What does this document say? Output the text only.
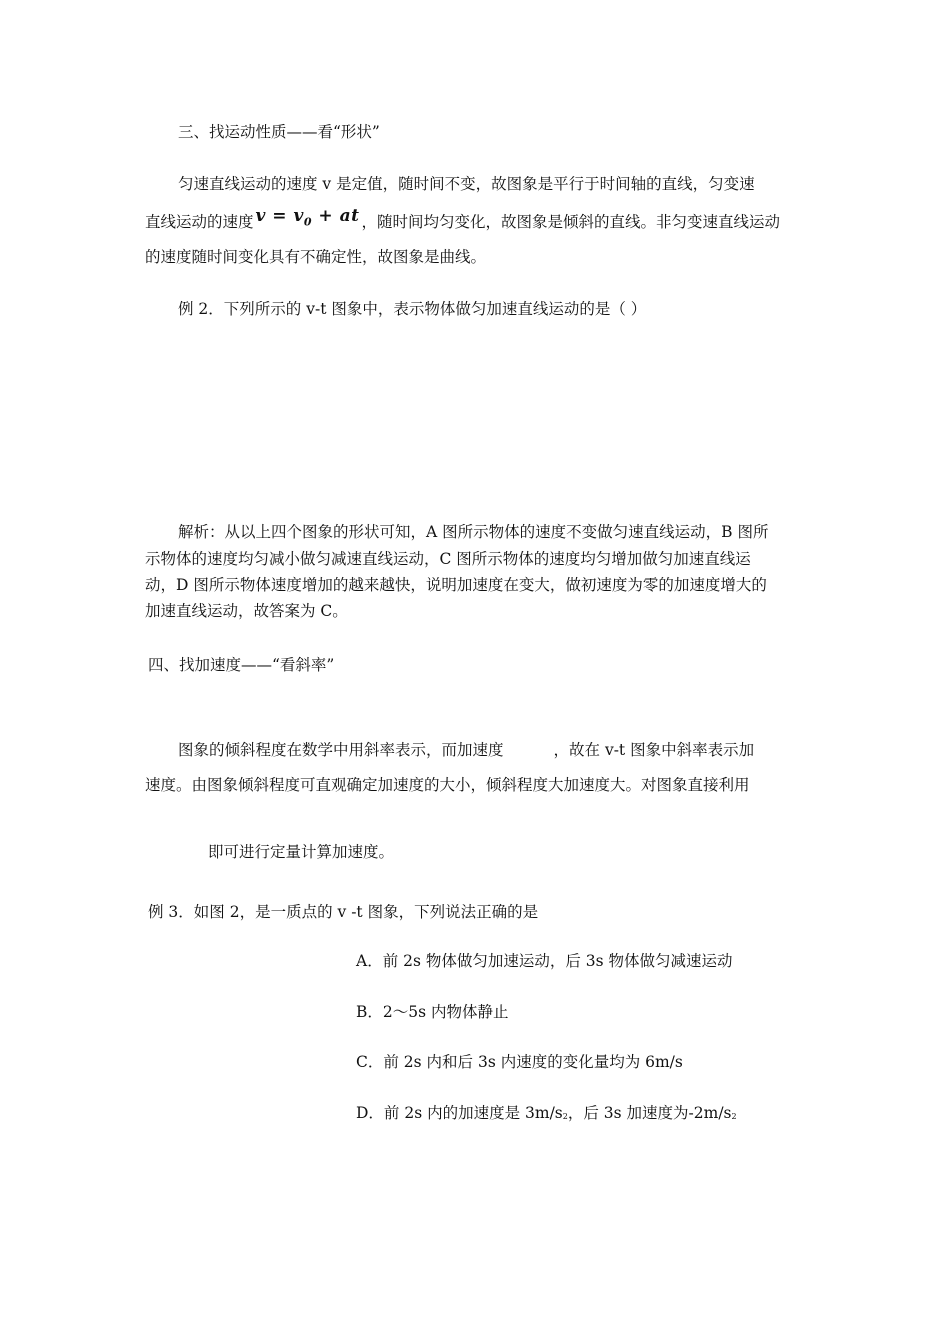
三、找运动性质——看“形状”
匀速直线运动的速度 v 是定值，随时间不变，故图象是平行于时间轴的直线，匀变速
直线运动的速度 $v = v_0$ + at ，随时间均匀变化，故图象是倾斜的直线。非匀变速直线运动
的速度随时间变化具有不确定性，故图象是曲线。
例 2．下列所示的 v-t 图象中，表示物体做匀加速直线运动的是（ ）
解析：从以上四个图象的形状可知，A 图所示物体的速度不变做匀速直线运动，B 图所
示物体的速度均匀减小做匀减速直线运动，C 图所示物体的速度均匀增加做匀加速直线运
动，D 图所示物体速度增加的越来越快，说明加速度在变大，做初速度为零的加速度增大的
加速直线运动，故答案为 C。
四、找加速度——“看斜率”
图象的倾斜程度在数学中用斜率表示，而加速度	，故在 v-t 图象中斜率表示加
速度。由图象倾斜程度可直观确定加速度的大小，倾斜程度大加速度大。对图象直接利用
即可进行定量计算加速度。
例 3．如图 2，是一质点的 v -t 图象，下列说法正确的是
A．前 2s 物体做匀加速运动，后 3s 物体做匀减速运动
B．2～5s 内物体静止
C．前 2s 内和后 3s 内速度的变化量均为 6m/s
D．前 2s 内的加速度是 3m/s2，后 3s 加速度为-2m/s2
